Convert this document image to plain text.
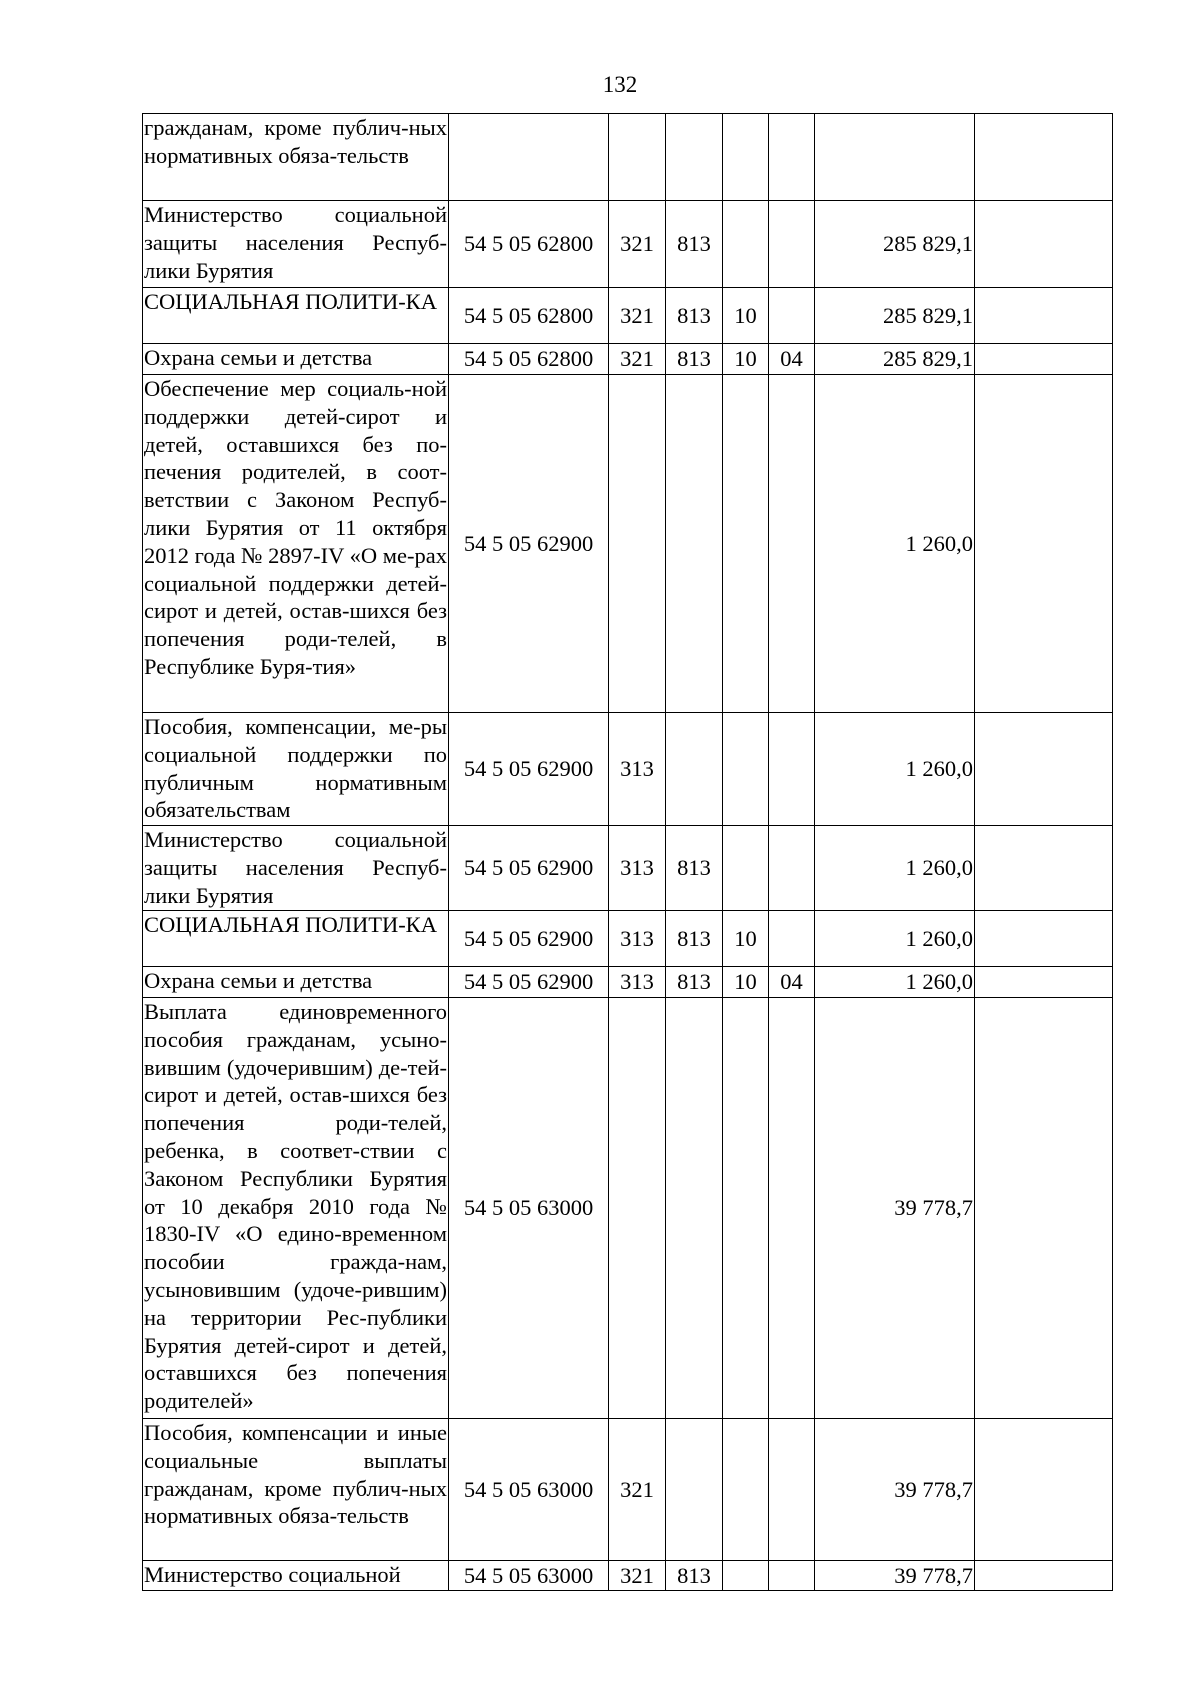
132
гражданам, кроме публич-ных нормативных обяза-тельств							
Министерство социальной защиты населения Респуб-лики Бурятия	54 5 05 62800	321	813			285 829,1	
СОЦИАЛЬНАЯ ПОЛИТИ-КА	54 5 05 62800	321	813	10		285 829,1	
Охрана семьи и детства	54 5 05 62800	321	813	10	04	285 829,1	
Обеспечение мер социаль-ной поддержки детей-сирот и детей, оставшихся без по-печения родителей, в соот-ветствии с Законом Респуб-лики Бурятия от 11 октября 2012 года № 2897-IV «О ме-рах социальной поддержки детей-сирот и детей, остав-шихся без попечения роди-телей, в Республике Буря-тия»	54 5 05 62900					1 260,0	
Пособия, компенсации, ме-ры социальной поддержки по публичным нормативным обязательствам	54 5 05 62900	313				1 260,0	
Министерство социальной защиты населения Респуб-лики Бурятия	54 5 05 62900	313	813			1 260,0	
СОЦИАЛЬНАЯ ПОЛИТИ-КА	54 5 05 62900	313	813	10		1 260,0	
Охрана семьи и детства	54 5 05 62900	313	813	10	04	1 260,0	
Выплата единовременного пособия гражданам, усыно-вившим (удочерившим) де-тей-сирот и детей, остав-шихся без попечения роди-телей, ребенка, в соответ-ствии с Законом Республики Бурятия от 10 декабря 2010 года № 1830-IV «О едино-временном пособии гражда-нам, усыновившим (удоче-рившим) на территории Рес-публики Бурятия детей-сирот и детей, оставшихся без попечения родителей»	54 5 05 63000					39 778,7	
Пособия, компенсации и иные социальные выплаты гражданам, кроме публич-ных нормативных обяза-тельств	54 5 05 63000	321				39 778,7	
Министерство социальной	54 5 05 63000	321	813			39 778,7	
